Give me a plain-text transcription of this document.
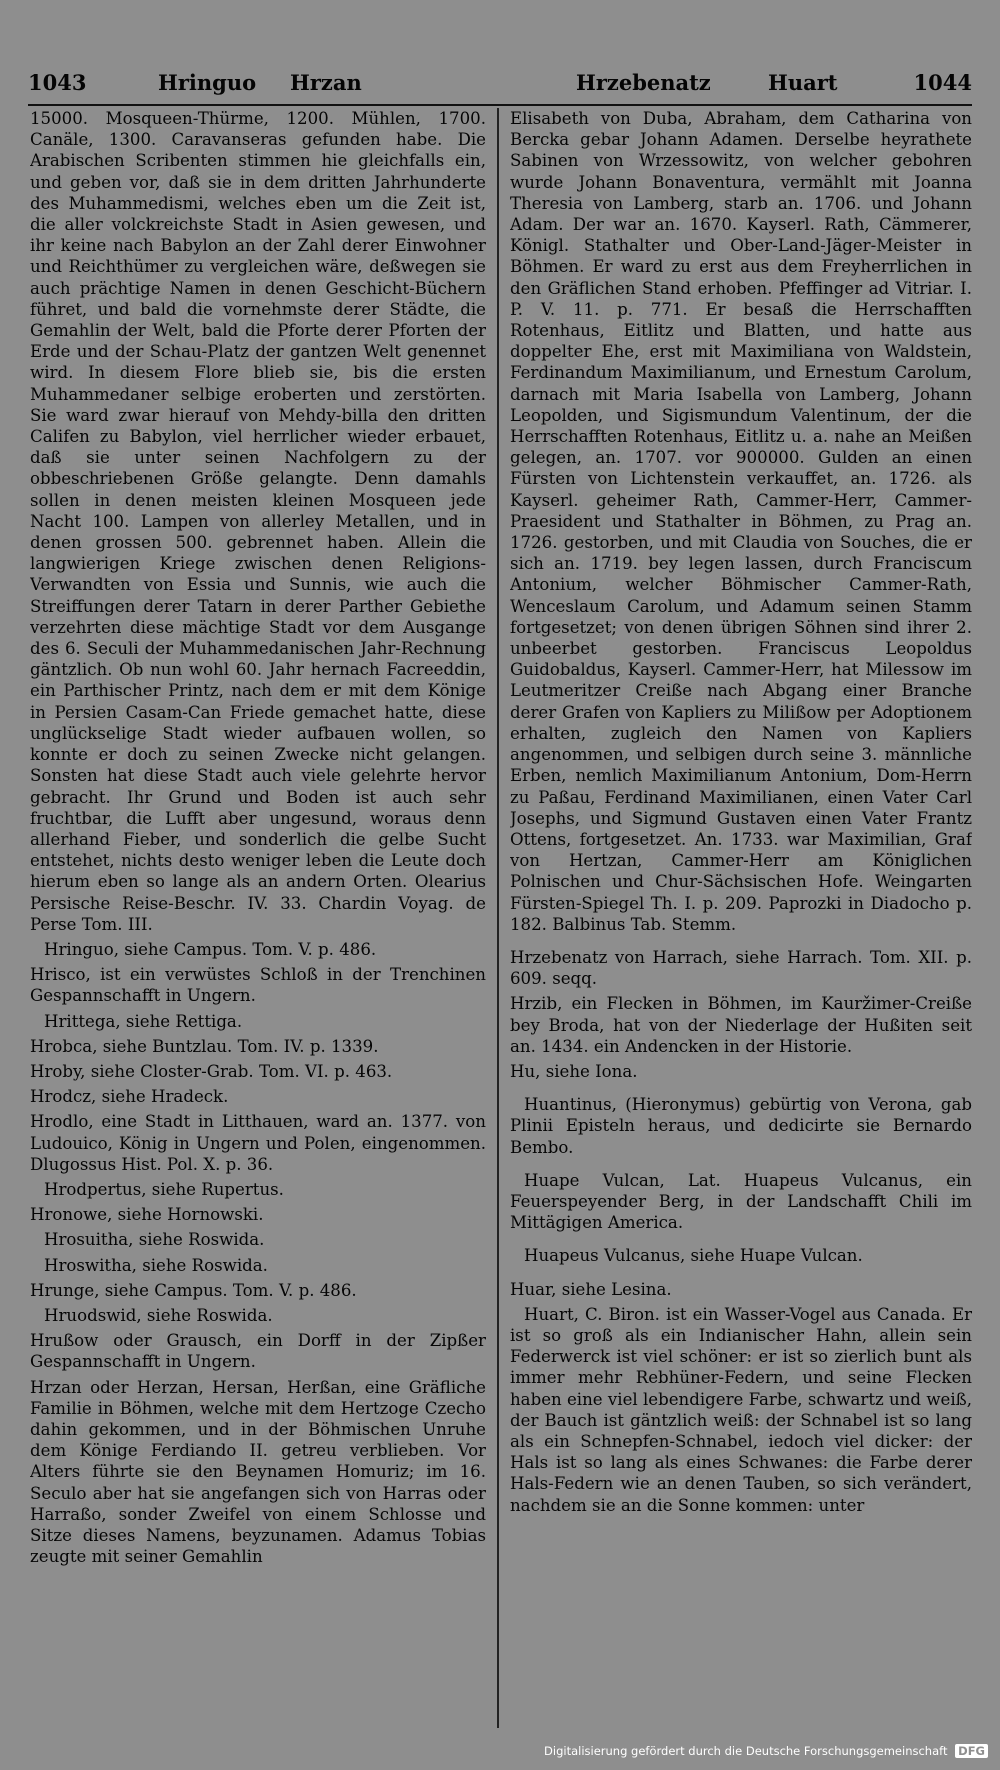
1043	Hringuo Hrzan	Hrzebenatz	Huart	1044

15000. Mosqueen-Thürme, 1200. Mühlen, 1700. Canäle, 1300. Caravanseras gefunden habe. Die Arabischen Scribenten stimmen hie gleichfalls ein, und geben vor, daß sie in dem dritten Jahrhunderte des Muhammedismi, welches eben um die Zeit ist, die aller volckreichste Stadt in Asien gewesen, und ihr keine nach Babylon an der Zahl derer Einwohner und Reichthümer zu vergleichen wäre, deßwegen sie auch prächtige Namen in denen Geschicht-Büchern führet, und bald die vornehmste derer Städte, die Gemahlin der Welt, bald die Pforte derer Pforten der Erde und der Schau-Platz der gantzen Welt genennet wird. In diesem Flore blieb sie, bis die ersten Muhammedaner selbige eroberten und zerstörten. Sie ward zwar hierauf von Mehdy-billa den dritten Califen zu Babylon, viel herrlicher wieder erbauet, daß sie unter seinen Nachfolgern zu der obbeschriebenen Größe gelangte. Denn damahls sollen in denen meisten kleinen Mosqueen jede Nacht 100. Lampen von allerley Metallen, und in denen grossen 500. gebrennet haben. Allein die langwierigen Kriege zwischen denen Religions-Verwandten von Essia und Sunnis, wie auch die Streiffungen derer Tatarn in derer Parther Gebiethe verzehrten diese mächtige Stadt vor dem Ausgange des 6. Seculi der Muhammedanischen Jahr-Rechnung gäntzlich. Ob nun wohl 60. Jahr hernach Facreeddin, ein Parthischer Printz, nach dem er mit dem Könige in Persien Casam-Can Friede gemachet hatte, diese unglückselige Stadt wieder aufbauen wollen, so konnte er doch zu seinen Zwecke nicht gelangen. Sonsten hat diese Stadt auch viele gelehrte hervor gebracht. Ihr Grund und Boden ist auch sehr fruchtbar, die Lufft aber ungesund, woraus denn allerhand Fieber, und sonderlich die gelbe Sucht entstehet, nichts desto weniger leben die Leute doch hierum eben so lange als an andern Orten. Olearius Persische Reise-Beschr. IV. 33. Chardin Voyag. de Perse Tom. III.

Hringuo, siehe Campus. Tom. V. p. 486.

Hrisco, ist ein verwüstes Schloß in der Trenchinen Gespannschafft in Ungern.

Hrittega, siehe Rettiga.

Hrobca, siehe Buntzlau. Tom. IV. p. 1339.

Hroby, siehe Closter-Grab. Tom. VI. p. 463.

Hrodcz, siehe Hradeck.

Hrodlo, eine Stadt in Litthauen, ward an. 1377. von Ludouico, König in Ungern und Polen, eingenommen. Dlugossus Hist. Pol. X. p. 36.

Hrodpertus, siehe Rupertus.

Hronowe, siehe Hornowski.

Hrosuitha, siehe Roswida.

Hroswitha, siehe Roswida.

Hrunge, siehe Campus. Tom. V. p. 486.

Hruodswid, siehe Roswida.

Hrußow oder Grausch, ein Dorff in der Zipßer Gespannschafft in Ungern.

Hrzan oder Herzan, Hersan, Herßan, eine Gräfliche Familie in Böhmen, welche mit dem Hertzoge Czecho dahin gekommen, und in der Böhmischen Unruhe dem Könige Ferdiando II. getreu verblieben. Vor Alters führte sie den Beynamen Homuriz; im 16. Seculo aber hat sie angefangen sich von Harras oder Harraßo, sonder Zweifel von einem Schlosse und Sitze dieses Namens, beyzunamen. Adamus Tobias zeugte mit seiner Gemahlin

Elisabeth von Duba, Abraham, dem Catharina von Bercka gebar Johann Adamen. Derselbe heyrathete Sabinen von Wrzessowitz, von welcher gebohren wurde Johann Bonaventura, vermählt mit Joanna Theresia von Lamberg, starb an. 1706. und Johann Adam. Der war an. 1670. Kayserl. Rath, Cämmerer, Königl. Stathalter und Ober-Land-Jäger-Meister in Böhmen. Er ward zu erst aus dem Freyherrlichen in den Gräflichen Stand erhoben. Pfeffinger ad Vitriar. I. P. V. 11. p. 771. Er besaß die Herrschafften Rotenhaus, Eitlitz und Blatten, und hatte aus doppelter Ehe, erst mit Maximiliana von Waldstein, Ferdinandum Maximilianum, und Ernestum Carolum, darnach mit Maria Isabella von Lamberg, Johann Leopolden, und Sigismundum Valentinum, der die Herrschafften Rotenhaus, Eitlitz u. a. nahe an Meißen gelegen, an. 1707. vor 900000. Gulden an einen Fürsten von Lichtenstein verkauffet, an. 1726. als Kayserl. geheimer Rath, Cammer-Herr, Cammer-Praesident und Stathalter in Böhmen, zu Prag an. 1726. gestorben, und mit Claudia von Souches, die er sich an. 1719. bey legen lassen, durch Franciscum Antonium, welcher Böhmischer Cammer-Rath, Wenceslaum Carolum, und Adamum seinen Stamm fortgesetzet; von denen übrigen Söhnen sind ihrer 2. unbeerbet gestorben. Franciscus Leopoldus Guidobaldus, Kayserl. Cammer-Herr, hat Milessow im Leutmeritzer Creiße nach Abgang einer Branche derer Grafen von Kapliers zu Milißow per Adoptionem erhalten, zugleich den Namen von Kapliers angenommen, und selbigen durch seine 3. männliche Erben, nemlich Maximilianum Antonium, Dom-Herrn zu Paßau, Ferdinand Maximilianen, einen Vater Carl Josephs, und Sigmund Gustaven einen Vater Frantz Ottens, fortgesetzet. An. 1733. war Maximilian, Graf von Hertzan, Cammer-Herr am Königlichen Polnischen und Chur-Sächsischen Hofe. Weingarten Fürsten-Spiegel Th. I. p. 209. Paprozki in Diadocho p. 182. Balbinus Tab. Stemm.

Hrzebenatz von Harrach, siehe Harrach. Tom. XII. p. 609. seqq.

Hrzib, ein Flecken in Böhmen, im Kauržimer-Creiße bey Broda, hat von der Niederlage der Hußiten seit an. 1434. ein Andencken in der Historie.

Hu, siehe Iona.

Huantinus, (Hieronymus) gebürtig von Verona, gab Plinii Episteln heraus, und dedicirte sie Bernardo Bembo.

Huape Vulcan, Lat. Huapeus Vulcanus, ein Feuerspeyender Berg, in der Landschafft Chili im Mittägigen America.

Huapeus Vulcanus, siehe Huape Vulcan.

Huar, siehe Lesina.

Huart, C. Biron. ist ein Wasser-Vogel aus Canada. Er ist so groß als ein Indianischer Hahn, allein sein Federwerck ist viel schöner: er ist so zierlich bunt als immer mehr Rebhüner-Federn, und seine Flecken haben eine viel lebendigere Farbe, schwartz und weiß, der Bauch ist gäntzlich weiß: der Schnabel ist so lang als ein Schnepfen-Schnabel, iedoch viel dicker: der Hals ist so lang als eines Schwanes: die Farbe derer Hals-Federn wie an denen Tauben, so sich verändert, nachdem sie an die Sonne kommen: unter

Digitalisierung gefördert durch die Deutsche Forschungsgemeinschaft DFG
